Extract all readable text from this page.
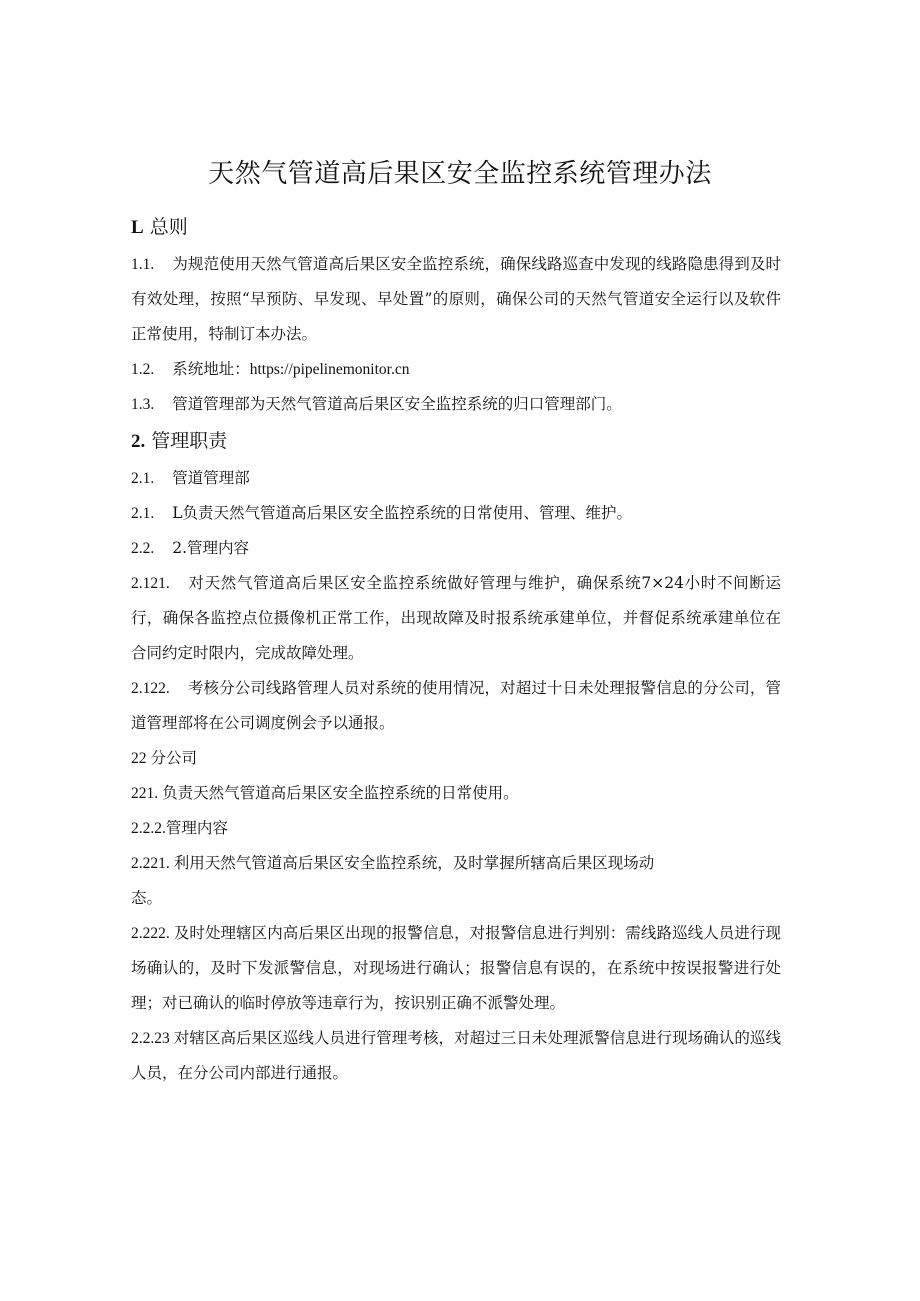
天然气管道高后果区安全监控系统管理办法
L 总则

1.1. 为规范使用天然气管道高后果区安全监控系统，确保线路巡查中发现的线路隐患得到及时有效处理，按照“早预防、早发现、早处置”的原则，确保公司的天然气管道安全运行以及软件正常使用，特制订本办法。

1.2. 系统地址：https://pipelinemonitor.cn

1.3. 管道管理部为天然气管道高后果区安全监控系统的归口管理部门。

2. 管理职责

2.1. 管道管理部

2.1. L负责天然气管道高后果区安全监控系统的日常使用、管理、维护。

2.2. 2.管理内容

2.121. 对天然气管道高后果区安全监控系统做好管理与维护，确保系统7×24小时不间断运行，确保各监控点位摄像机正常工作，出现故障及时报系统承建单位，并督促系统承建单位在合同约定时限内，完成故障处理。

2.122. 考核分公司线路管理人员对系统的使用情况，对超过十日未处理报警信息的分公司，管道管理部将在公司调度例会予以通报。

22 分公司

221. 负责天然气管道高后果区安全监控系统的日常使用。

2.2.2.管理内容

2.221. 利用天然气管道高后果区安全监控系统，及时掌握所辖高后果区现场动

态。

2.222. 及时处理辖区内高后果区出现的报警信息，对报警信息进行判别：需线路巡线人员进行现场确认的，及时下发派警信息，对现场进行确认；报警信息有误的，在系统中按误报警进行处理；对已确认的临时停放等违章行为，按识别正确不派警处理。

2.2.23 对辖区高后果区巡线人员进行管理考核，对超过三日未处理派警信息进行现场确认的巡线人员，在分公司内部进行通报。
